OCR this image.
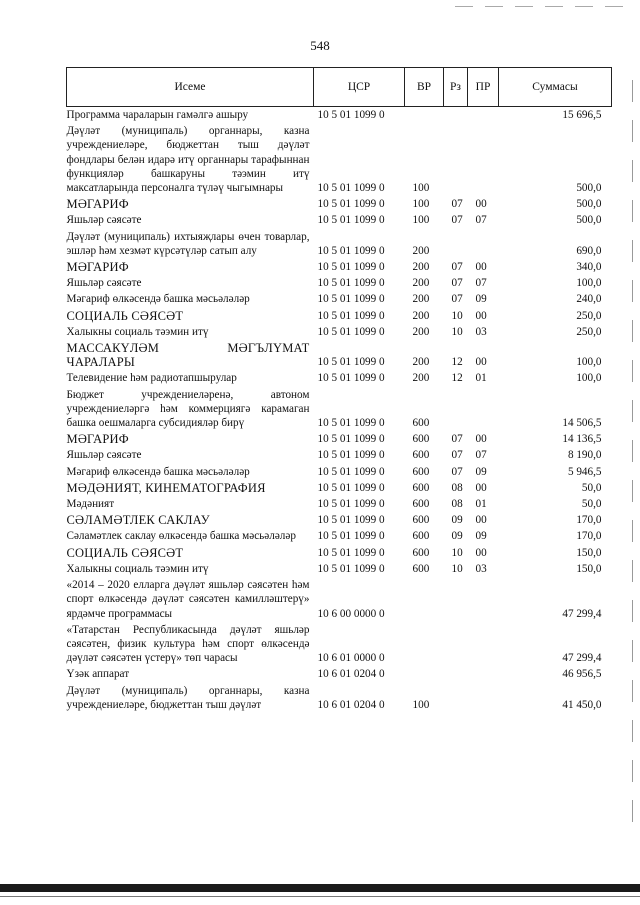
548
Исеме	ЦСР	ВР	Рз	ПР	Суммасы
Программа чараларын гамәлгә ашыру	10 5 01 1099 0				15 696,5
Дәүләт (муниципаль) органнары, казна учреждениеләре, бюджеттан тыш дәүләт фондлары белән идарә итү органнары тарафыннан функцияләр башкаруны тәэмин итү максатларында персоналга түләү чыгымнары	10 5 01 1099 0	100			500,0
МӘГАРИФ	10 5 01 1099 0	100	07	00	500,0
Яшьләр сәясәте	10 5 01 1099 0	100	07	07	500,0
Дәүләт (муниципаль) ихтыяҗлары өчен товарлар, эшләр һәм хезмәт күрсәтүләр сатып алу	10 5 01 1099 0	200			690,0
МӘГАРИФ	10 5 01 1099 0	200	07	00	340,0
Яшьләр сәясәте	10 5 01 1099 0	200	07	07	100,0
Мәгариф өлкәсендә башка мәсьәләләр	10 5 01 1099 0	200	07	09	240,0
СОЦИАЛЬ СӘЯСӘТ	10 5 01 1099 0	200	10	00	250,0
Халыкны социаль тәэмин итү	10 5 01 1099 0	200	10	03	250,0
МАССАКҮЛӘМ МӘГЪЛҮМАТ ЧАРАЛАРЫ	10 5 01 1099 0	200	12	00	100,0
Телевидение һәм радиотапшырулар	10 5 01 1099 0	200	12	01	100,0
Бюджет учреждениеләренә, автоном учреждениеләргә һәм коммерциягә карамаган башка оешмаларга субсидияләр бирү	10 5 01 1099 0	600			14 506,5
МӘГАРИФ	10 5 01 1099 0	600	07	00	14 136,5
Яшьләр сәясәте	10 5 01 1099 0	600	07	07	8 190,0
Мәгариф өлкәсендә башка мәсьәләләр	10 5 01 1099 0	600	07	09	5 946,5
МӘДӘНИЯТ, КИНЕМАТОГРАФИЯ	10 5 01 1099 0	600	08	00	50,0
Мәдәният	10 5 01 1099 0	600	08	01	50,0
СӘЛАМӘТЛЕК САКЛАУ	10 5 01 1099 0	600	09	00	170,0
Сәламәтлек саклау өлкәсендә башка мәсьәләләр	10 5 01 1099 0	600	09	09	170,0
СОЦИАЛЬ СӘЯСӘТ	10 5 01 1099 0	600	10	00	150,0
Халыкны социаль тәэмин итү	10 5 01 1099 0	600	10	03	150,0
«2014 – 2020 елларга дәүләт яшьләр сәясәтен һәм спорт өлкәсендә дәүләт сәясәтен камилләштерү» ярдәмче программасы	10 6 00 0000 0				47 299,4
«Татарстан Республикасында дәүләт яшьләр сәясәтен, физик культура һәм спорт өлкәсендә дәүләт сәясәтен үстерү» төп чарасы	10 6 01 0000 0				47 299,4
Үзәк аппарат	10 6 01 0204 0				46 956,5
Дәүләт (муниципаль) органнары, казна учреждениеләре, бюджеттан тыш дәүләт	10 6 01 0204 0	100			41 450,0
